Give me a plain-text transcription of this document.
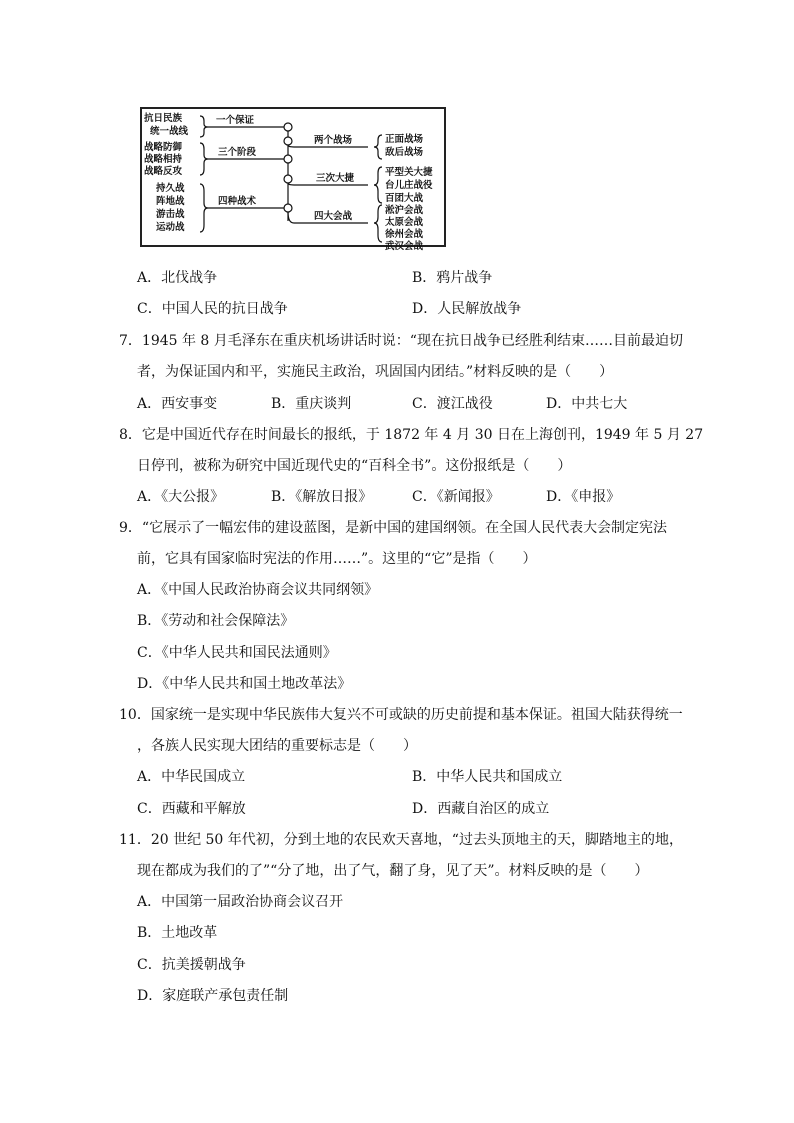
抗日民族
统一战线
战略防御
战略相持
战略反攻
持久战
阵地战
游击战
运动战
一个保证
三个阶段
四种战术
两个战场
三次大捷
四大会战
正面战场
敌后战场
平型关大捷
台儿庄战役
百团大战
淞沪会战
太原会战
徐州会战
武汉会战
A．北伐战争	B．鸦片战争
C．中国人民的抗日战争	D．人民解放战争
7．1945 年 8 月毛泽东在重庆机场讲话时说：“现在抗日战争已经胜利结束……目前最迫切
者，为保证国内和平，实施民主政治，巩固国内团结。”材料反映的是（　　）
A．西安事变	B．重庆谈判	C．渡江战役	D．中共七大
8．它是中国近代存在时间最长的报纸，于 1872 年 4 月 30 日在上海创刊，1949 年 5 月 27
日停刊，被称为研究中国近现代史的“百科全书”。这份报纸是（　　）
A．《大公报》	B．《解放日报》	C．《新闻报》	D．《申报》
9．“它展示了一幅宏伟的建设蓝图，是新中国的建国纲领。在全国人民代表大会制定宪法
前，它具有国家临时宪法的作用……”。这里的“它”是指（　　）
A．《中国人民政治协商会议共同纲领》
B．《劳动和社会保障法》
C．《中华人民共和国民法通则》
D．《中华人民共和国土地改革法》
10．国家统一是实现中华民族伟大复兴不可或缺的历史前提和基本保证。祖国大陆获得统一
，各族人民实现大团结的重要标志是（　　）
A．中华民国成立	B．中华人民共和国成立
C．西藏和平解放	D．西藏自治区的成立
11．20 世纪 50 年代初，分到土地的农民欢天喜地，“过去头顶地主的天，脚踏地主的地，
现在都成为我们的了”“分了地，出了气，翻了身，见了天”。材料反映的是（　　）
A．中国第一届政治协商会议召开
B．土地改革
C．抗美援朝战争
D．家庭联产承包责任制
